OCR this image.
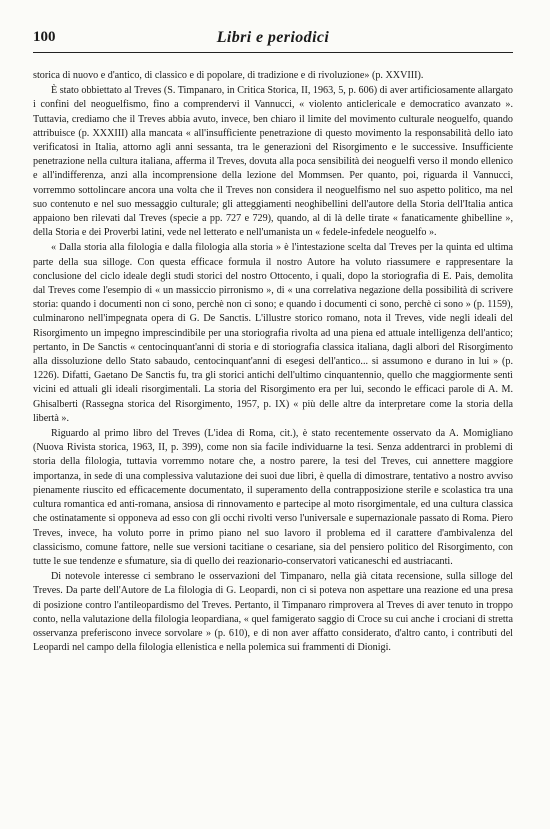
100	Libri e periodici

storica di nuovo e d'antico, di classico e di popolare, di tradizione e di rivoluzione» (p. XXVIII).

È stato obbiettato al Treves (S. Timpanaro, in Critica Storica, II, 1963, 5, p. 606) di aver artificiosamente allargato i confini del neoguelfismo, fino a comprendervi il Vannucci, « violento anticlericale e democratico avanzato ». Tuttavia, crediamo che il Treves abbia avuto, invece, ben chiaro il limite del movimento culturale neoguelfo, quando attribuisce (p. XXXIII) alla mancata « all'insufficiente penetrazione di questo movimento la responsabilità dello iato verificatosi in Italia, attorno agli anni sessanta, tra le generazioni del Risorgimento e le successive. Insufficiente penetrazione nella cultura italiana, afferma il Treves, dovuta alla poca sensibilità dei neoguelfi verso il mondo ellenico e all'indifferenza, anzi alla incomprensione della lezione del Mommsen. Per quanto, poi, riguarda il Vannucci, vorremmo sottolincare ancora una volta che il Treves non considera il neoguelfismo nel suo aspetto politico, ma nel suo contenuto e nel suo messaggio culturale; gli atteggiamenti neoghibellini dell'autore della Storia dell'Italia antica appaiono ben rilevati dal Treves (specie a pp. 727 e 729), quando, al di là delle tirate « fanaticamente ghibelline », della Storia e dei Proverbi latini, vede nel letterato e nell'umanista un « fedele-infedele neoguelfo ».

« Dalla storia alla filologia e dalla filologia alla storia » è l'intestazione scelta dal Treves per la quinta ed ultima parte della sua silloge. Con questa efficace formula il nostro Autore ha voluto riassumere e rappresentare la conclusione del ciclo ideale degli studi storici del nostro Ottocento, i quali, dopo la storiografia di E. Pais, demolita dal Treves come l'esempio di « un massiccio pirronismo », di « una correlativa negazione della possibilità di scrivere storia: quando i documenti non ci sono, perchè non ci sono; e quando i documenti ci sono, perchè ci sono » (p. 1159), culminarono nell'impegnata opera di G. De Sanctis. L'illustre storico romano, nota il Treves, vide negli ideali del Risorgimento un impegno imprescindibile per una storiografia rivolta ad una piena ed attuale intelligenza dell'antico; pertanto, in De Sanctis « centocinquant'anni di storia e di storiografia classica italiana, dagli albori del Risorgimento alla dissoluzione dello Stato sabaudo, centocinquant'anni di esegesi dell'antico... si assumono e durano in lui » (p. 1226). Difatti, Gaetano De Sanctis fu, tra gli storici antichi dell'ultimo cinquantennio, quello che maggiormente sentì vicini ed attuali gli ideali risorgimentali. La storia del Risorgimento era per lui, secondo le efficaci parole di A. M. Ghisalberti (Rassegna storica del Risorgimento, 1957, p. IX) « più delle altre da interpretare come la storia della libertà ».

Riguardo al primo libro del Treves (L'idea di Roma, cit.), è stato recentemente osservato da A. Momigliano (Nuova Rivista storica, 1963, II, p. 399), come non sia facile individuarne la tesi. Senza addentrarci in problemi di storia della filologia, tuttavia vorremmo notare che, a nostro parere, la tesi del Treves, cui annettere maggiore importanza, in sede di una complessiva valutazione dei suoi due libri, è quella di dimostrare, tentativo a nostro avviso pienamente riuscito ed efficacemente documentato, il superamento della contrapposizione sterile e scolastica tra una cultura romantica ed anti-romana, ansiosa di rinnovamento e partecipe al moto risorgimentale, ed una cultura classica che ostinatamente si opponeva ad esso con gli occhi rivolti verso l'universale e supernazionale passato di Roma. Piero Treves, invece, ha voluto porre in primo piano nel suo lavoro il problema ed il carattere d'ambivalenza del classicismo, comune fattore, nelle sue versioni tacitiane o cesariane, sia del pensiero politico del Risorgimento, con tutte le sue tendenze e sfumature, sia di quello dei reazionario-conservatori vaticaneschi ed austriacanti.

Di notevole interesse ci sembrano le osservazioni del Timpanaro, nella già citata recensione, sulla silloge del Treves. Da parte dell'Autore de La filologia di G. Leopardi, non ci si poteva non aspettare una reazione ed una presa di posizione contro l'antileopardismo del Treves. Pertanto, il Timpanaro rimprovera al Treves di aver tenuto in troppo conto, nella valutazione della filologia leopardiana, « quel famigerato saggio di Croce su cui anche i crociani di stretta osservanza preferiscono invece sorvolare » (p. 610), e di non aver affatto considerato, d'altro canto, i contributi del Leopardi nel campo della filologia ellenistica e nella polemica sui frammenti di Dionigi.
